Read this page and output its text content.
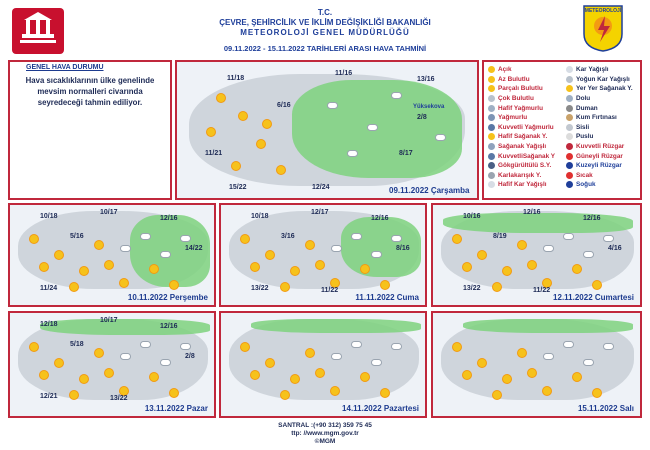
METEOROLOJİ
T.C.
ÇEVRE, ŞEHİRCİLİK VE İKLİM DEĞİŞİKLİĞİ BAKANLIĞI
METEOROLOJİ GENEL MÜDÜRLÜĞÜ
09.11.2022 - 15.11.2022 TARİHLERİ ARASI HAVA TAHMİNİ
GENEL HAVA DURUMU
Hava sıcaklıklarının ülke genelinde mevsim normalleri civarında seyredeceği tahmin ediliyor.	Yüksekova
11/18
11/16
13/16
6/16
11/21
2/8
8/17
15/22	12/24	09.11.2022 Çarşamba
Açık
Az Bulutlu
Parçalı Bulutlu
Çok Bulutlu
Hafif Yağmurlu
Yağmurlu
Kuvvetli Yağmurlu
Hafif Sağanak Y.
Sağanak Yağışlı
KuvvetliSağanak Y
Gökgürültülü S.Y.
Karlakarışık Y.
Hafif Kar Yağışlı
Kar Yağışlı
Yoğun Kar Yağışlı
Yer Yer Sağanak Y.
Dolu
Duman
Kum Fırtınası
Sisli
Puslu
Kuvvetli Rüzgar
Güneyli Rüzgar
Kuzeyli Rüzgar
Sıcak
Soğuk
10/18
10/17
12/16
5/16
14/22
11/24
10.11.2022 Perşembe
10/18
12/17
12/16
3/16
8/16
13/22	11/22
11.11.2022 Cuma
10/16
12/16
12/16
8/19
4/16
13/22	11/22
12.11.2022 Cumartesi
12/18
10/17
12/16
5/18
2/8
12/21	13/22
13.11.2022 Pazar	14.11.2022 Pazartesi	15.11.2022 Salı
SANTRAL :(+90 312) 359 75 45
ttp: //www.mgm.gov.tr
©MGM
